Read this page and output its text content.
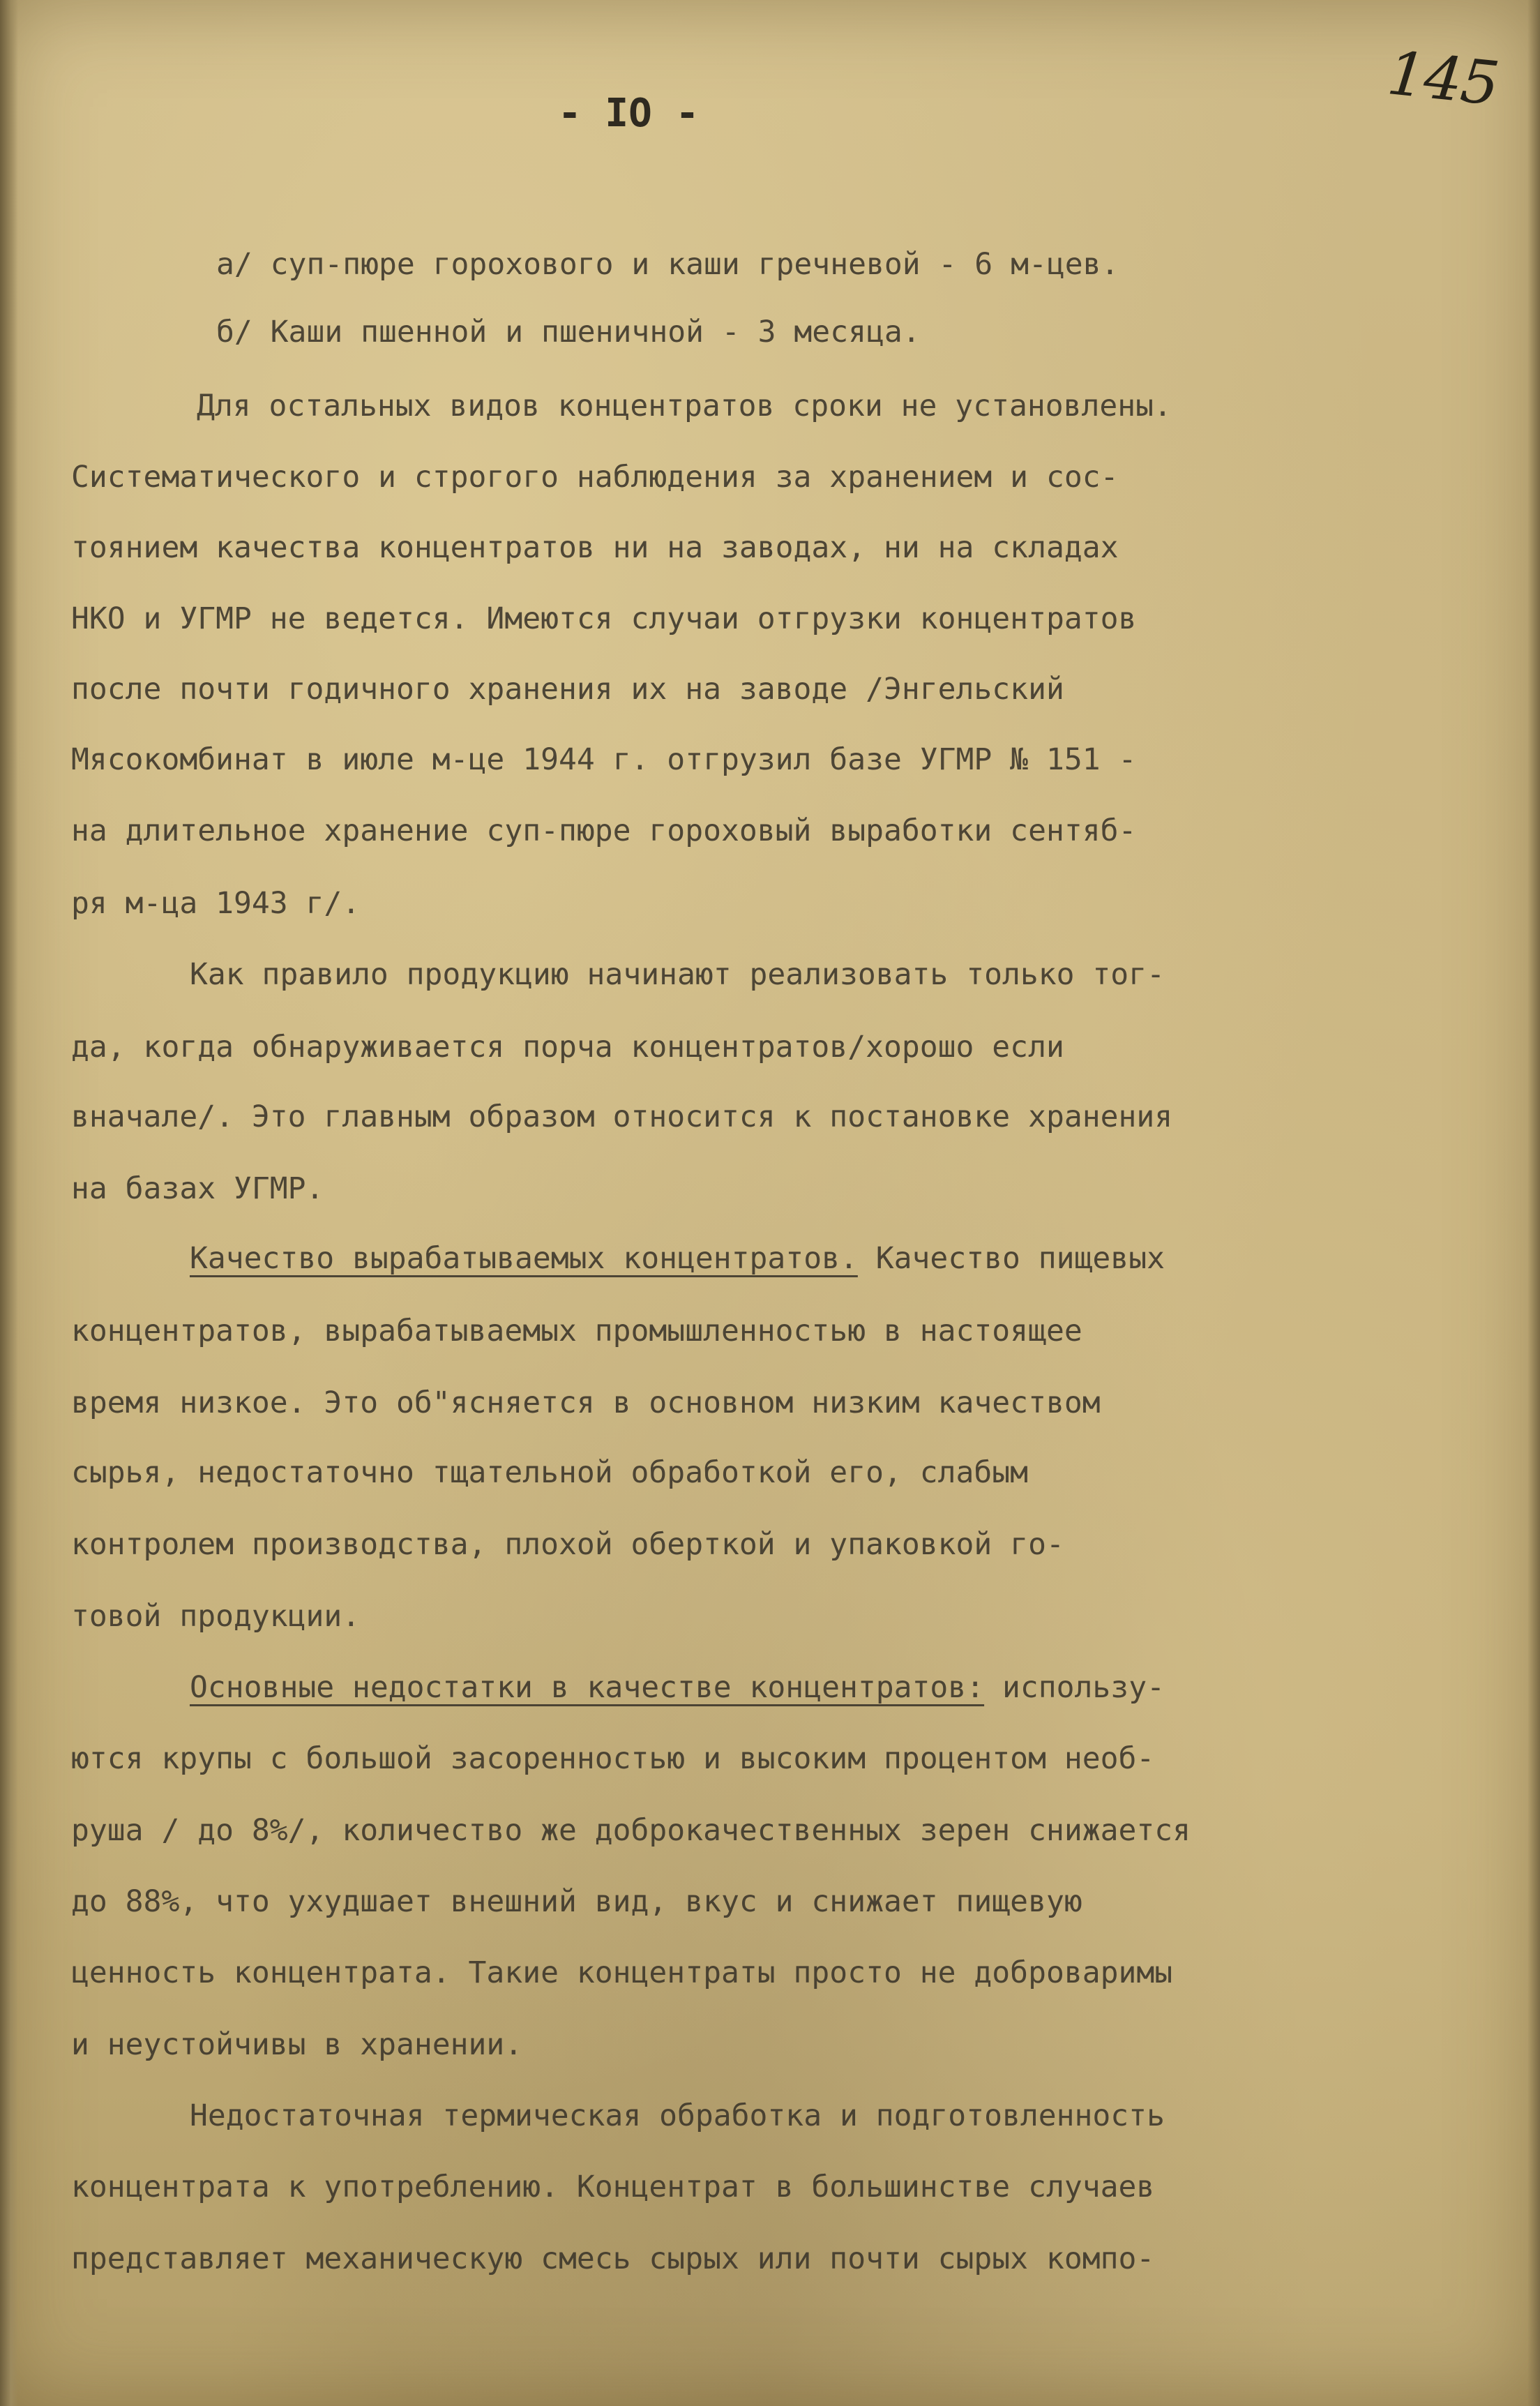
145
- IO -
а/ суп-пюре горохового и каши гречневой - 6 м-цев.
б/ Каши пшенной и пшеничной - 3 месяца.
Для остальных видов концентратов сроки не установлены.
Систематического и строгого наблюдения за хранением и сос-
тоянием качества концентратов ни на заводах, ни на складах
НКО и УГМР не ведется. Имеются случаи отгрузки концентратов
после почти годичного хранения их на заводе /Энгельский
Мясокомбинат в июле м-це 1944 г. отгрузил базе УГМР № 151 -
на длительное хранение суп-пюре гороховый выработки сентяб-
ря м-ца 1943 г/.
Как правило продукцию начинают реализовать только тог-
да, когда обнаруживается порча концентратов/хорошо если
вначале/. Это главным образом относится к постановке хранения
на базах УГМР.
Качество вырабатываемых концентратов. Качество пищевых
концентратов, вырабатываемых промышленностью в настоящее
время низкое. Это об"ясняется в основном низким качеством
сырья, недостаточно тщательной обработкой его, слабым
контролем производства, плохой оберткой и упаковкой го-
товой продукции.
Основные недостатки в качестве концентратов: использу-
ются крупы с большой засоренностью и высоким процентом необ-
руша / до 8%/, количество же доброкачественных зерен снижается
до 88%, что ухудшает внешний вид, вкус и снижает пищевую
ценность концентрата. Такие концентраты просто не доброваримы
и неустойчивы в хранении.
Недостаточная термическая обработка и подготовленность
концентрата к употреблению. Концентрат в большинстве случаев
представляет механическую смесь сырых или почти сырых компо-
